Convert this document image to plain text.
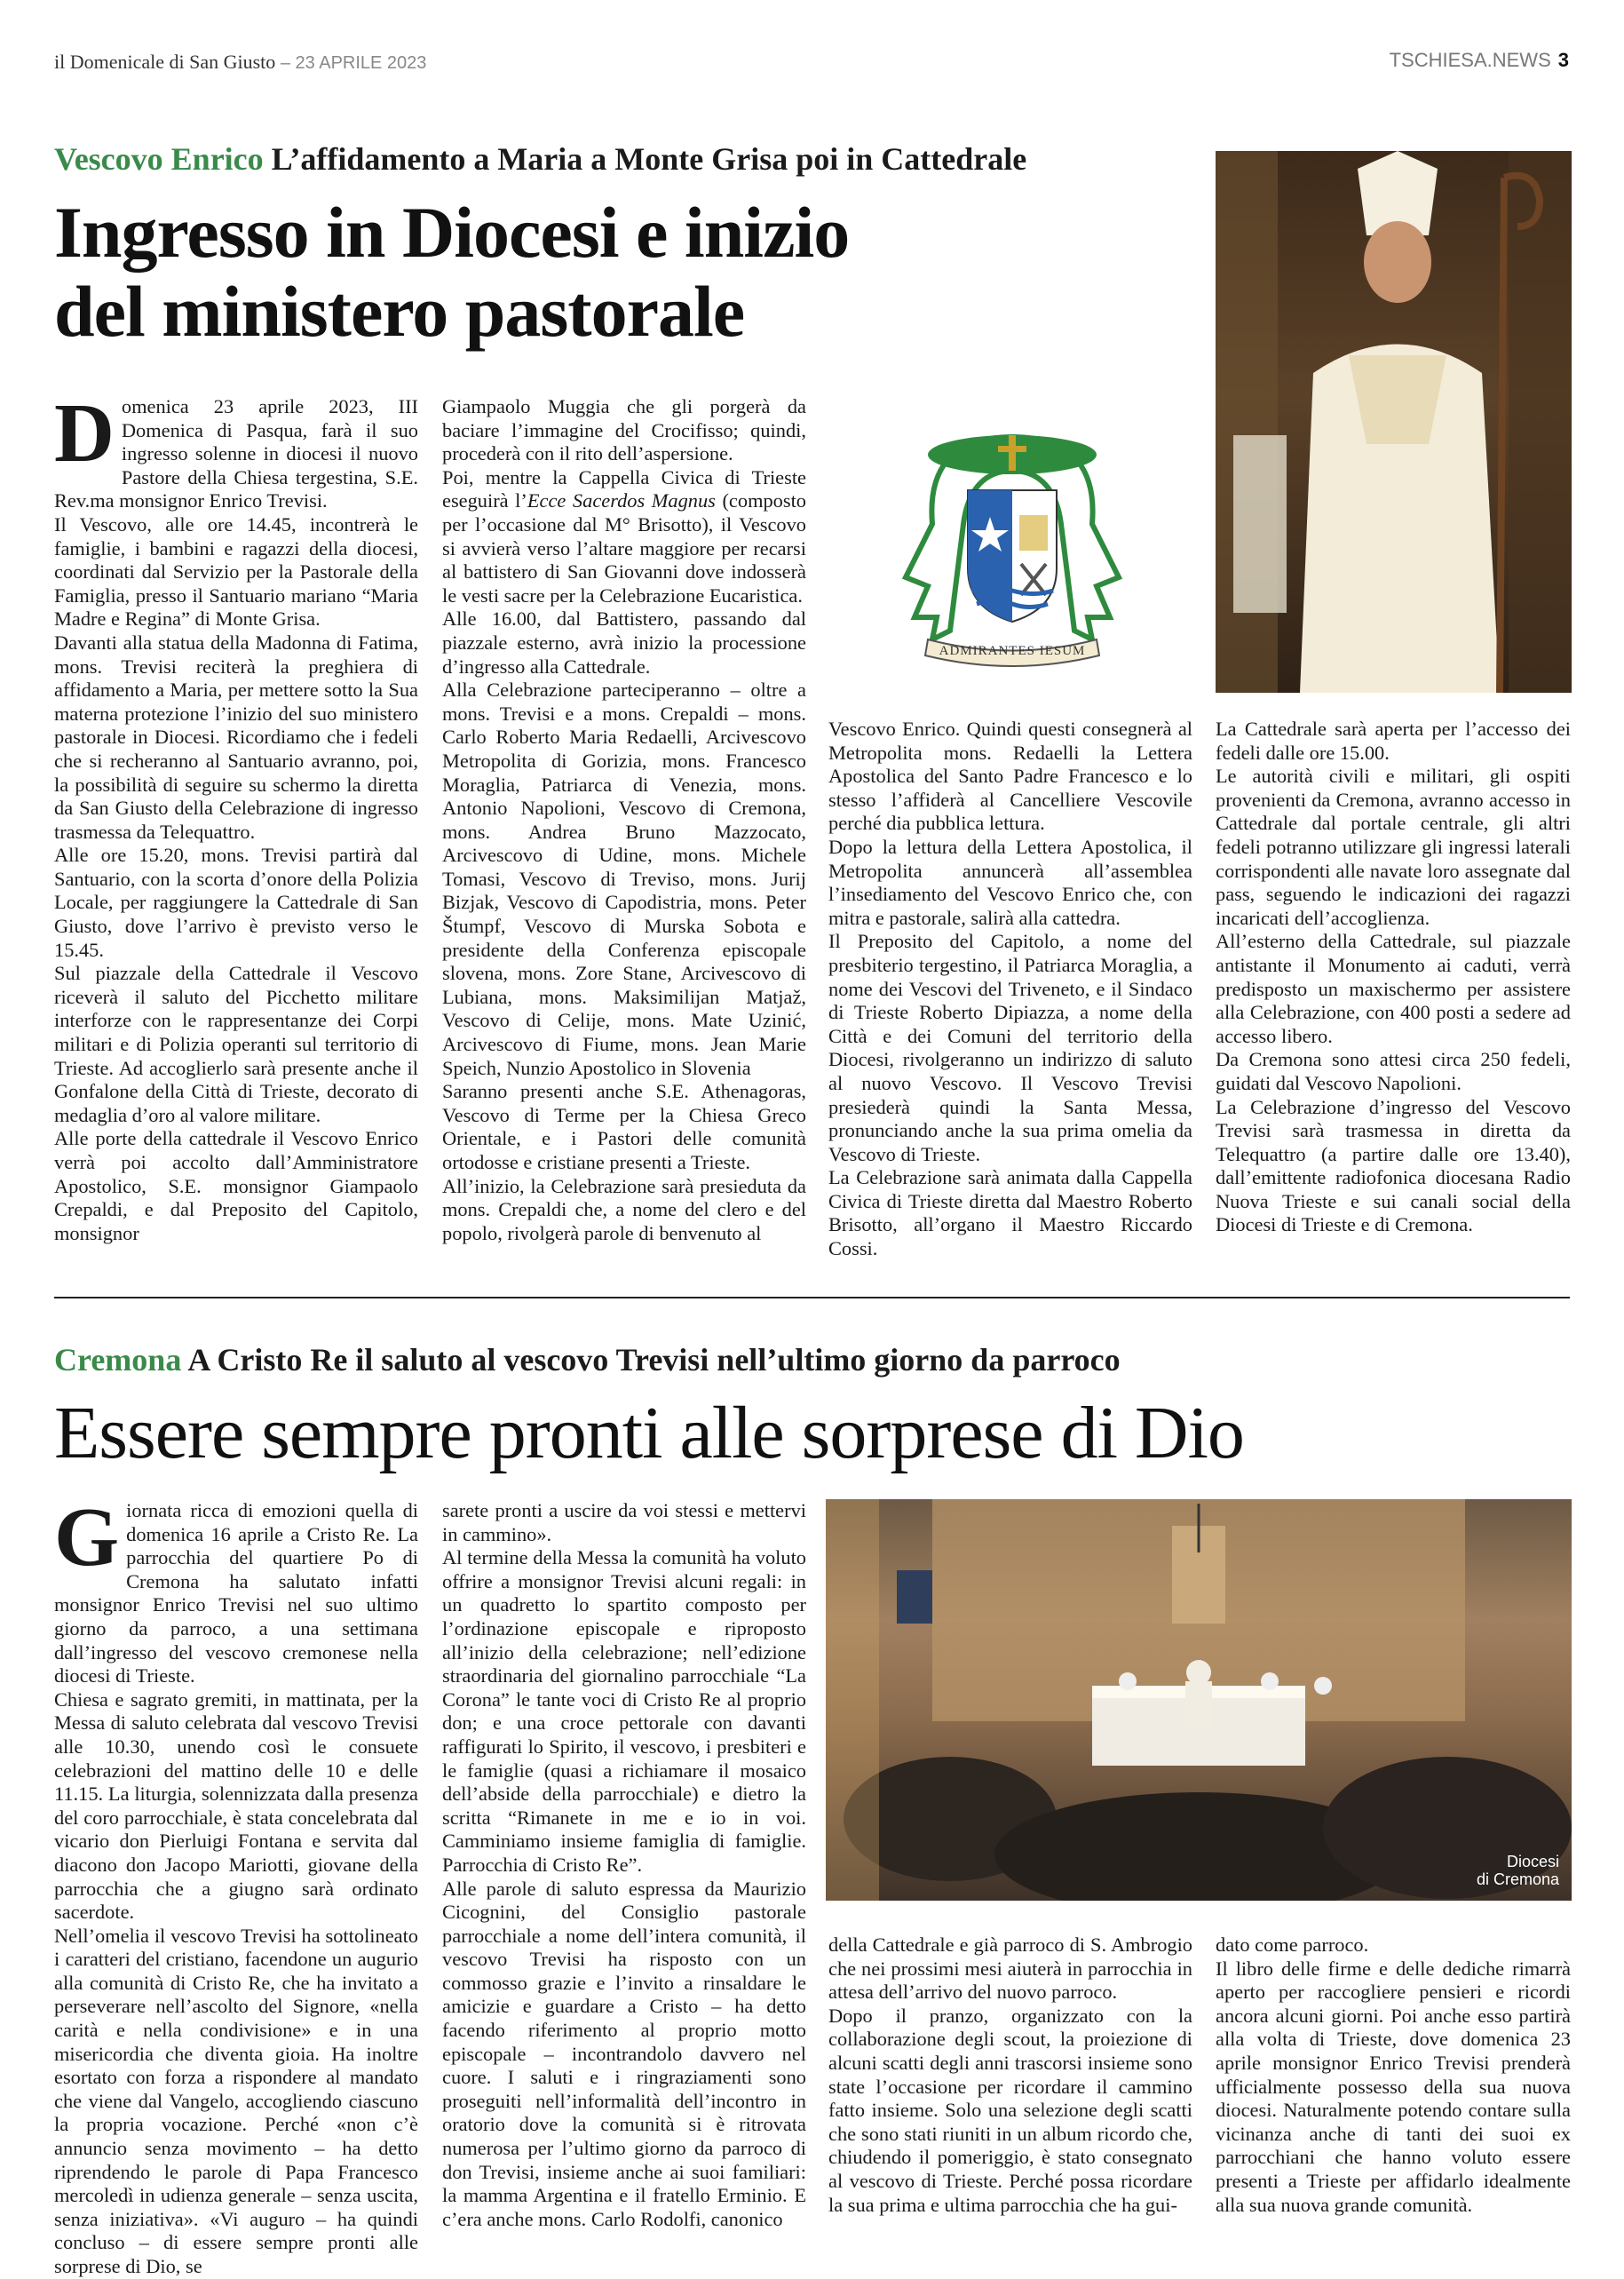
il Domenicale di San Giusto – 23 APRILE 2023	TSCHIESA.NEWS 3
Vescovo Enrico L’affidamento a Maria a Monte Grisa poi in Cattedrale
Ingresso in Diocesi e inizio
del ministero pastorale
ADMIRANTES IESUM
D omenica 23 aprile 2023, III Domenica di Pasqua, farà il suo ingresso solenne in diocesi il nuovo Pastore della Chiesa tergestina, S.E. Rev.ma monsignor Enrico Trevisi.
Il Vescovo, alle ore 14.45, incontrerà le famiglie, i bambini e ragazzi della diocesi, coordinati dal Servizio per la Pastorale della Famiglia, presso il Santuario mariano “Maria Madre e Regina” di Monte Grisa.
Davanti alla statua della Madonna di Fatima, mons. Trevisi reciterà la preghiera di affidamento a Maria, per mettere sotto la Sua materna protezione l’inizio del suo ministero pastorale in Diocesi. Ricordiamo che i fedeli che si recheranno al Santuario avranno, poi, la possibilità di seguire su schermo la diretta da San Giusto della Celebrazione di ingresso trasmessa da Telequattro.
Alle ore 15.20, mons. Trevisi partirà dal Santuario, con la scorta d’onore della Polizia Locale, per raggiungere la Cattedrale di San Giusto, dove l’arrivo è previsto verso le 15.45.
Sul piazzale della Cattedrale il Vescovo riceverà il saluto del Picchetto militare interforze con le rappresentanze dei Corpi militari e di Polizia operanti sul territorio di Trieste. Ad accoglierlo sarà presente anche il Gonfalone della Città di Trieste, decorato di medaglia d’oro al valore militare.
Alle porte della cattedrale il Vescovo Enrico verrà poi accolto dall’Amministratore Apostolico, S.E. monsignor Giampaolo Crepaldi, e dal Preposito del Capitolo, monsignor

Giampaolo Muggia che gli porgerà da baciare l’immagine del Crocifisso; quindi, procederà con il rito dell’aspersione.

Poi, mentre la Cappella Civica di Trieste eseguirà l’Ecce Sacerdos Magnus (composto per l’occasione dal M° Brisotto), il Vescovo si avvierà verso l’altare maggiore per recarsi al battistero di San Giovanni dove indosserà le vesti sacre per la Celebrazione Eucaristica.

Alle 16.00, dal Battistero, passando dal piazzale esterno, avrà inizio la processione d’ingresso alla Cattedrale.
Alla Celebrazione parteciperanno – oltre a mons. Trevisi e a mons. Crepaldi – mons. Carlo Roberto Maria Redaelli, Arcivescovo Metropolita di Gorizia, mons. Francesco Moraglia, Patriarca di Venezia, mons. Antonio Napolioni, Vescovo di Cremona, mons. Andrea Bruno Mazzocato, Arcivescovo di Udine, mons. Michele Tomasi, Vescovo di Treviso, mons. Jurij Bizjak, Vescovo di Capodistria, mons. Peter Štumpf, Vescovo di Murska Sobota e presidente della Conferenza episcopale slovena, mons. Zore Stane, Arcivescovo di Lubiana, mons. Maksimilijan Matjaž, Vescovo di Celije, mons. Mate Uzinić, Arcivescovo di Fiume, mons. Jean Marie Speich, Nunzio Apostolico in Slovenia
Saranno presenti anche S.E. Athenagoras, Vescovo di Terme per la Chiesa Greco Orientale, e i Pastori delle comunità ortodosse e cristiane presenti a Trieste.
All’inizio, la Celebrazione sarà presieduta da mons. Crepaldi che, a nome del clero e del popolo, rivolgerà parole di benvenuto al

Vescovo Enrico. Quindi questi consegnerà al Metropolita mons. Redaelli la Lettera Apostolica del Santo Padre Francesco e lo stesso l’affiderà al Cancelliere Vescovile perché dia pubblica lettura.
Dopo la lettura della Lettera Apostolica, il Metropolita annuncerà all’assemblea l’insediamento del Vescovo Enrico che, con mitra e pastorale, salirà alla cattedra.
Il Preposito del Capitolo, a nome del presbiterio tergestino, il Patriarca Moraglia, a nome dei Vescovi del Triveneto, e il Sindaco di Trieste Roberto Dipiazza, a nome della Città e dei Comuni del territorio della Diocesi, rivolgeranno un indirizzo di saluto al nuovo Vescovo. Il Vescovo Trevisi presiederà quindi la Santa Messa, pronunciando anche la sua prima omelia da Vescovo di Trieste.
La Celebrazione sarà animata dalla Cappella Civica di Trieste diretta dal Maestro Roberto Brisotto, all’organo il Maestro Riccardo Cossi.

La Cattedrale sarà aperta per l’accesso dei fedeli dalle ore 15.00.
Le autorità civili e militari, gli ospiti provenienti da Cremona, avranno accesso in Cattedrale dal portale centrale, gli altri fedeli potranno utilizzare gli ingressi laterali corrispondenti alle navate loro assegnate dal pass, seguendo le indicazioni dei ragazzi incaricati dell’accoglienza.
All’esterno della Cattedrale, sul piazzale antistante il Monumento ai caduti, verrà predisposto un maxischermo per assistere alla Celebrazione, con 400 posti a sedere ad accesso libero.
Da Cremona sono attesi circa 250 fedeli, guidati dal Vescovo Napolioni.
La Celebrazione d’ingresso del Vescovo Trevisi sarà trasmessa in diretta da Telequattro (a partire dalle ore 13.40), dall’emittente radiofonica diocesana Radio Nuova Trieste e sui canali social della Diocesi di Trieste e di Cremona.

Cremona A Cristo Re il saluto al vescovo Trevisi nell’ultimo giorno da parroco
Essere sempre pronti alle sorprese di Dio
Diocesi
di Cremona
G iornata ricca di emozioni quella di domenica 16 aprile a Cristo Re. La parrocchia del quartiere Po di Cremona ha salutato infatti monsignor Enrico Trevisi nel suo ultimo giorno da parroco, a una settimana dall’ingresso del vescovo cremonese nella diocesi di Trieste.
Chiesa e sagrato gremiti, in mattinata, per la Messa di saluto celebrata dal vescovo Trevisi alle 10.30, unendo così le consuete celebrazioni del mattino delle 10 e delle 11.15. La liturgia, solennizzata dalla presenza del coro parrocchiale, è stata concelebrata dal vicario don Pierluigi Fontana e servita dal diacono don Jacopo Mariotti, giovane della parrocchia che a giugno sarà ordinato sacerdote.
Nell’omelia il vescovo Trevisi ha sottolineato i caratteri del cristiano, facendone un augurio alla comunità di Cristo Re, che ha invitato a perseverare nell’ascolto del Signore, «nella carità e nella condivisione» e in una misericordia che diventa gioia. Ha inoltre esortato con forza a rispondere al mandato che viene dal Vangelo, accogliendo ciascuno la propria vocazione. Perché «non c’è annuncio senza movimento – ha detto riprendendo le parole di Papa Francesco mercoledì in udienza generale – senza uscita, senza iniziativa». «Vi auguro – ha quindi concluso – di essere sempre pronti alle sorprese di Dio, se

sarete pronti a uscire da voi stessi e mettervi in cammino».
Al termine della Messa la comunità ha voluto offrire a monsignor Trevisi alcuni regali: in un quadretto lo spartito composto per l’ordinazione episcopale e riproposto all’inizio della celebrazione; nell’edizione straordinaria del giornalino parrocchiale “La Corona” le tante voci di Cristo Re al proprio don; e una croce pettorale con davanti raffigurati lo Spirito, il vescovo, i presbiteri e le famiglie (quasi a richiamare il mosaico dell’abside della parrocchiale) e dietro la scritta “Rimanete in me e io in voi. Camminiamo insieme famiglia di famiglie. Parrocchia di Cristo Re”.
Alle parole di saluto espressa da Maurizio Cicognini, del Consiglio pastorale parrocchiale a nome dell’intera comunità, il vescovo Trevisi ha risposto con un commosso grazie e l’invito a rinsaldare le amicizie e guardare a Cristo – ha detto facendo riferimento al proprio motto episcopale – incontrandolo davvero nel cuore. I saluti e i ringraziamenti sono proseguiti nell’informalità dell’incontro in oratorio dove la comunità si è ritrovata numerosa per l’ultimo giorno da parroco di don Trevisi, insieme anche ai suoi familiari: la mamma Argentina e il fratello Erminio. E c’era anche mons. Carlo Rodolfi, canonico

della Cattedrale e già parroco di S. Ambrogio che nei prossimi mesi aiuterà in parrocchia in attesa dell’arrivo del nuovo parroco.
Dopo il pranzo, organizzato con la collaborazione degli scout, la proiezione di alcuni scatti degli anni trascorsi insieme sono state l’occasione per ricordare il cammino fatto insieme. Solo una selezione degli scatti che sono stati riuniti in un album ricordo che, chiudendo il pomeriggio, è stato consegnato al vescovo di Trieste. Perché possa ricordare la sua prima e ultima parrocchia che ha gui-

dato come parroco.
Il libro delle firme e delle dediche rimarrà aperto per raccogliere pensieri e ricordi ancora alcuni giorni. Poi anche esso partirà alla volta di Trieste, dove domenica 23 aprile monsignor Enrico Trevisi prenderà ufficialmente possesso della sua nuova diocesi. Naturalmente potendo contare sulla vicinanza anche di tanti dei suoi ex parrocchiani che hanno voluto essere presenti a Trieste per affidarlo idealmente alla sua nuova grande comunità.
